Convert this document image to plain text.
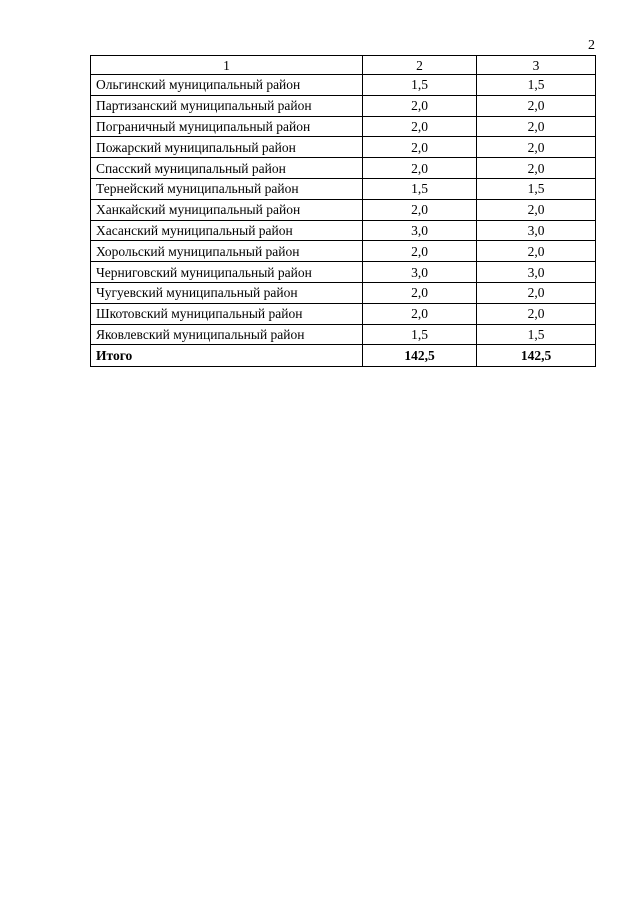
2
1	2	3
Ольгинский муниципальный район	1,5	1,5
Партизанский муниципальный район	2,0	2,0
Пограничный муниципальный район	2,0	2,0
Пожарский муниципальный район	2,0	2,0
Спасский муниципальный район	2,0	2,0
Тернейский муниципальный район	1,5	1,5
Ханкайский муниципальный район	2,0	2,0
Хасанский муниципальный район	3,0	3,0
Хорольский муниципальный район	2,0	2,0
Черниговский муниципальный район	3,0	3,0
Чугуевский муниципальный район	2,0	2,0
Шкотовский муниципальный район	2,0	2,0
Яковлевский муниципальный район	1,5	1,5
Итого	142,5	142,5
